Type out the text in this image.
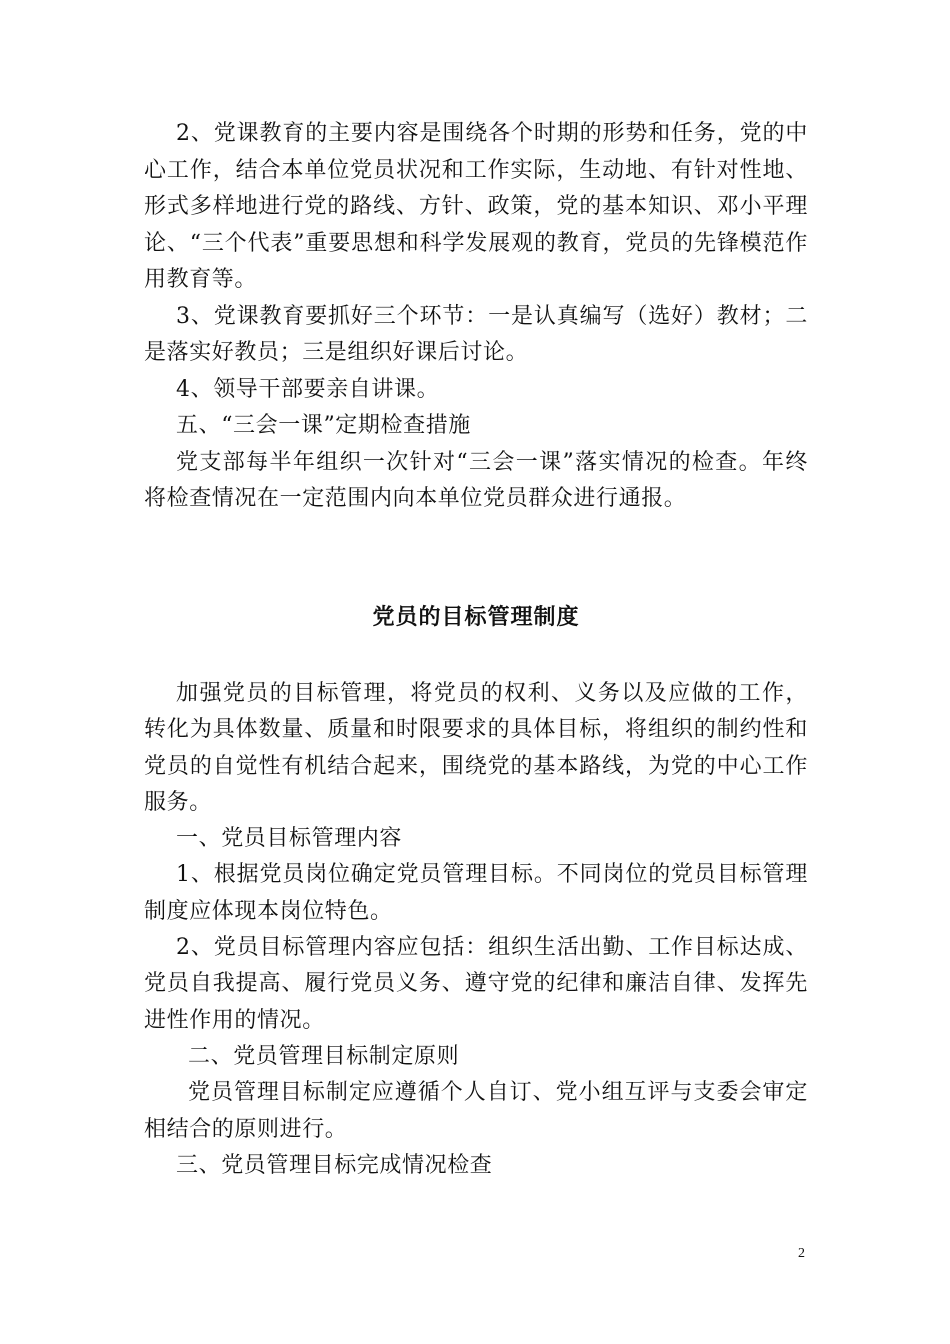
2、党课教育的主要内容是围绕各个时期的形势和任务，党的中心工作，结合本单位党员状况和工作实际，生动地、有针对性地、形式多样地进行党的路线、方针、政策，党的基本知识、邓小平理论、“三个代表”重要思想和科学发展观的教育，党员的先锋模范作用教育等。

3、党课教育要抓好三个环节：一是认真编写（选好）教材；二是落实好教员；三是组织好课后讨论。

4、领导干部要亲自讲课。

五、“三会一课”定期检查措施

党支部每半年组织一次针对“三会一课”落实情况的检查。年终将检查情况在一定范围内向本单位党员群众进行通报。

党员的目标管理制度

加强党员的目标管理，将党员的权利、义务以及应做的工作，转化为具体数量、质量和时限要求的具体目标，将组织的制约性和党员的自觉性有机结合起来，围绕党的基本路线，为党的中心工作服务。

一、党员目标管理内容

1、根据党员岗位确定党员管理目标。不同岗位的党员目标管理制度应体现本岗位特色。

2、党员目标管理内容应包括：组织生活出勤、工作目标达成、党员自我提高、履行党员义务、遵守党的纪律和廉洁自律、发挥先进性作用的情况。

二、党员管理目标制定原则

党员管理目标制定应遵循个人自订、党小组互评与支委会审定相结合的原则进行。

三、党员管理目标完成情况检查

2
